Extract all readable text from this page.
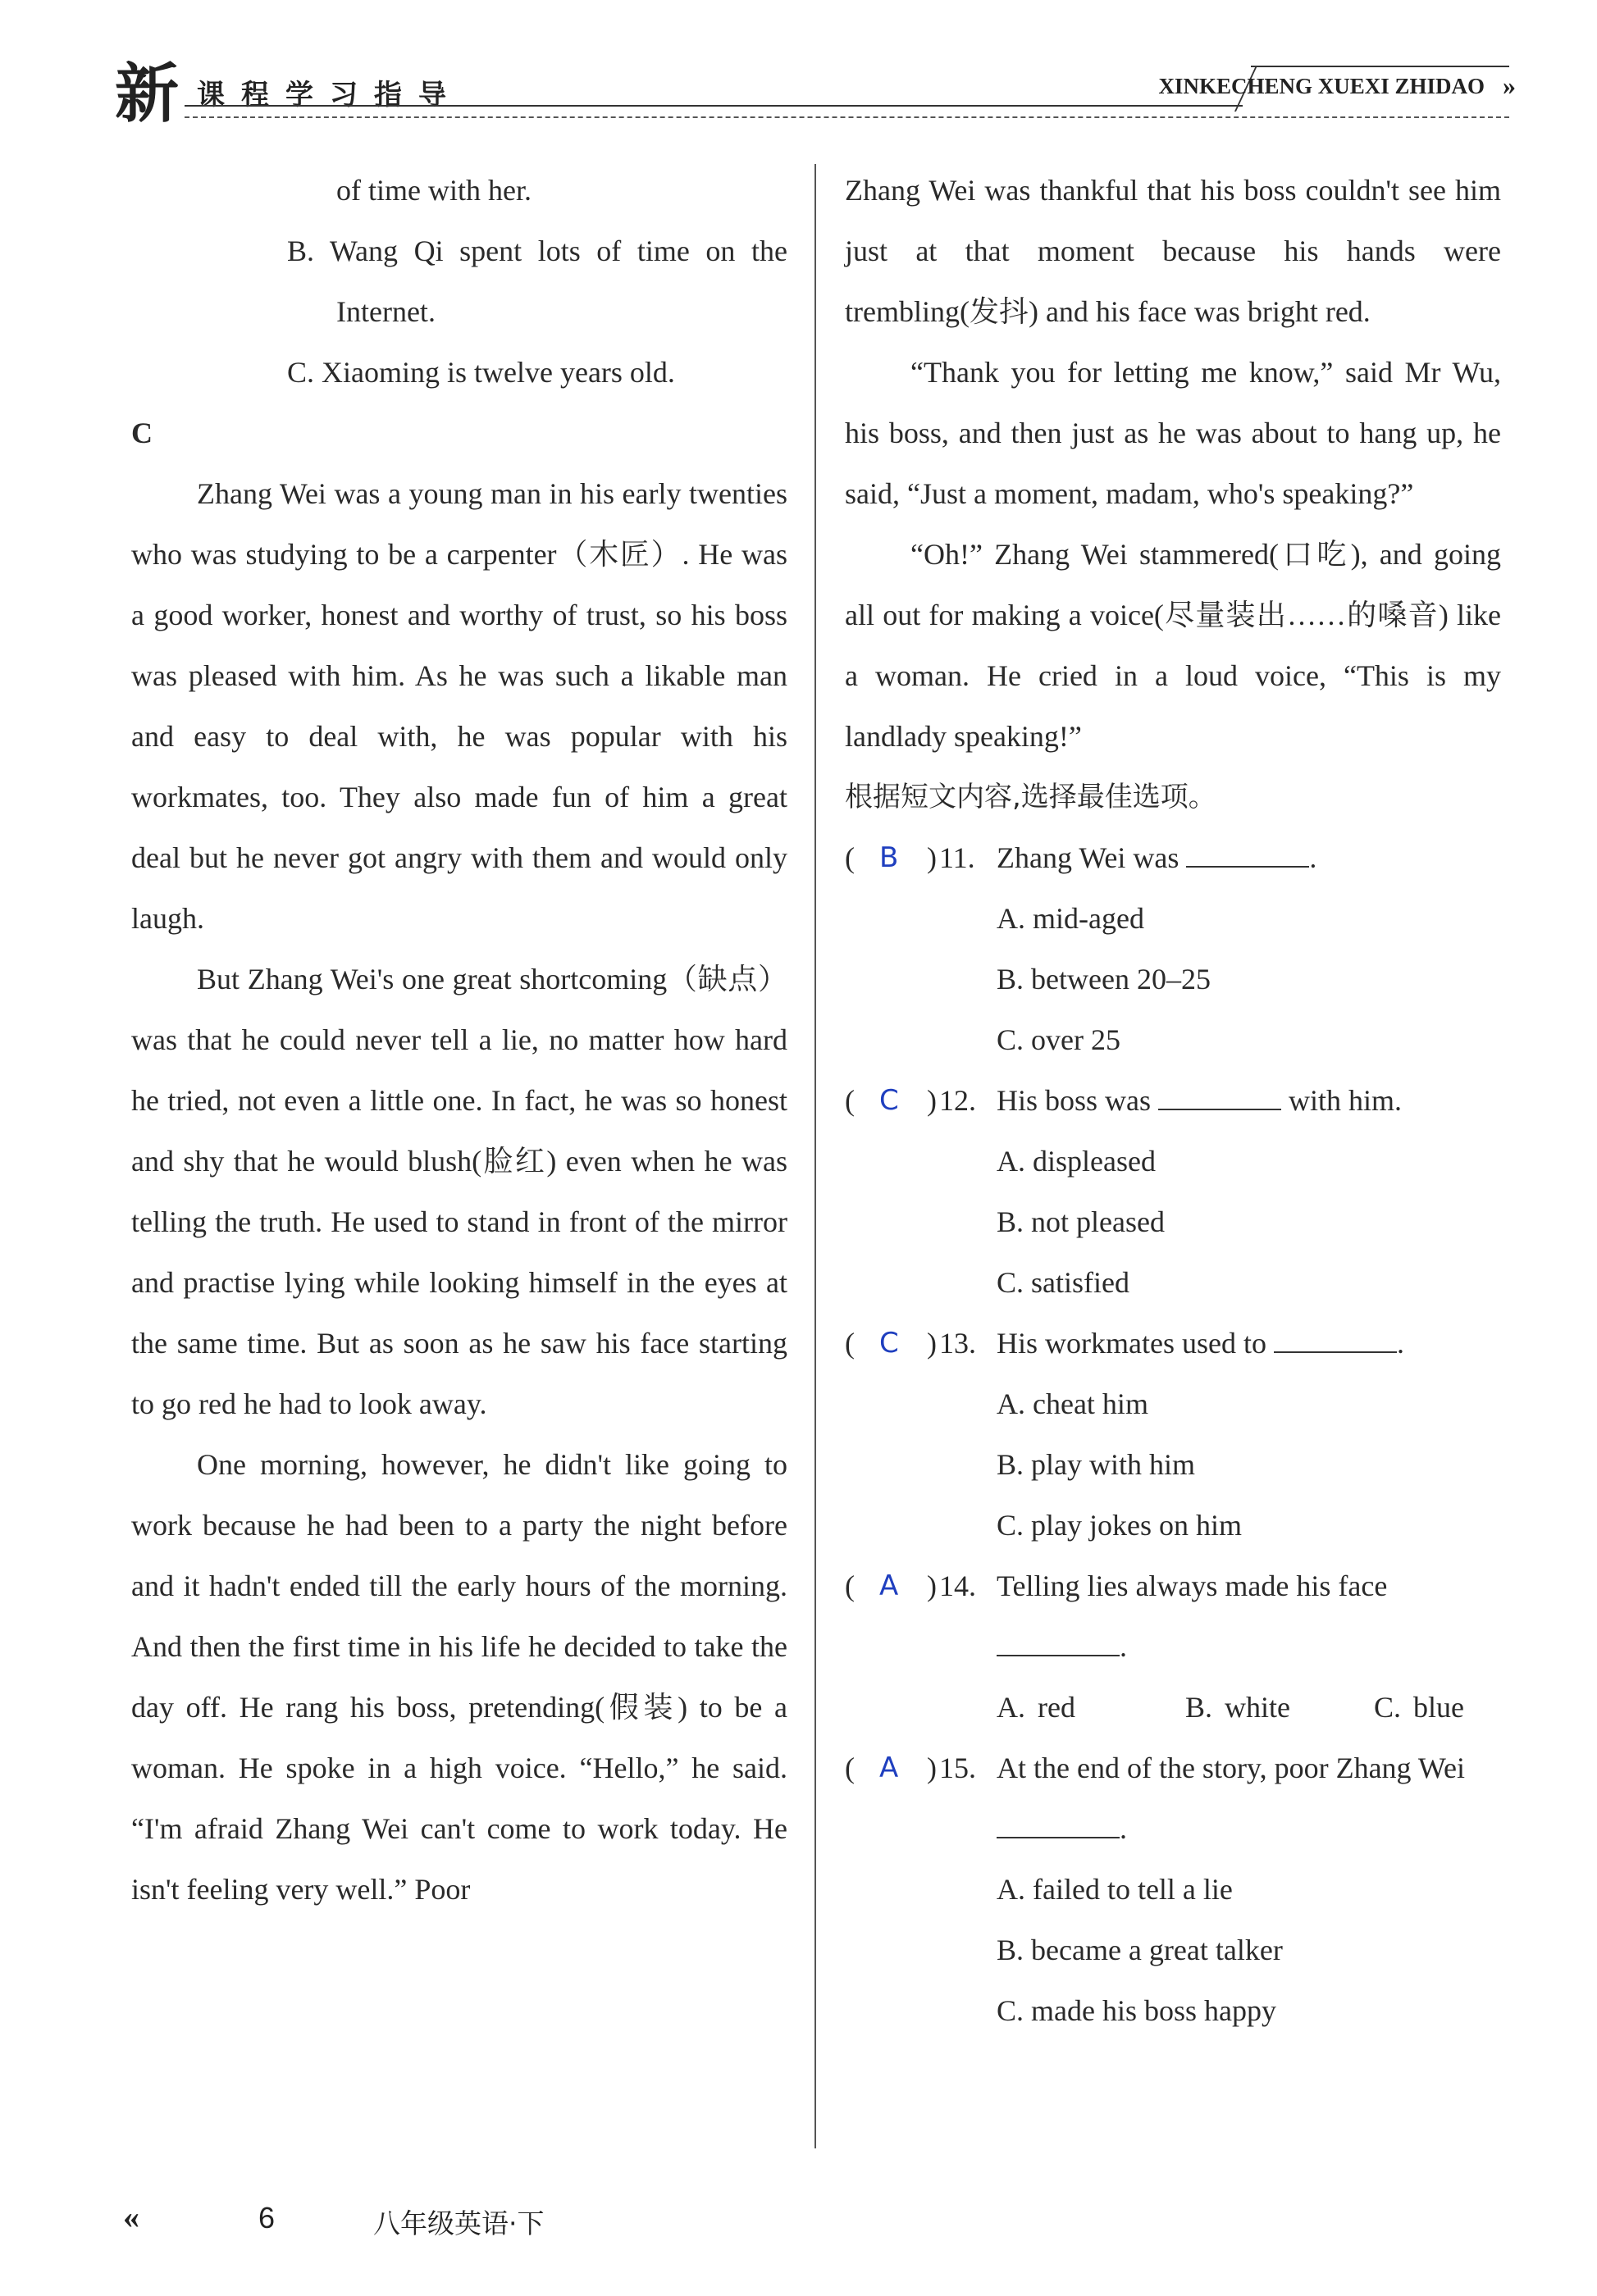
新 课程学习指导	XINKECHENG XUEXI ZHIDAO »

of time with her.

B. Wang Qi spent lots of time on the Internet.

C. Xiaoming is twelve years old.

C

Zhang Wei was a young man in his early twenties who was studying to be a carpenter（木匠）. He was a good worker, honest and worthy of trust, so his boss was pleased with him. As he was such a likable man and easy to deal with, he was popular with his workmates, too. They also made fun of him a great deal but he never got angry with them and would only laugh.

But Zhang Wei's one great shortcoming（缺点）was that he could never tell a lie, no matter how hard he tried, not even a little one. In fact, he was so honest and shy that he would blush(脸红) even when he was telling the truth. He used to stand in front of the mirror and practise lying while looking himself in the eyes at the same time. But as soon as he saw his face starting to go red he had to look away.

One morning, however, he didn't like going to work because he had been to a party the night before and it hadn't ended till the early hours of the morning. And then the first time in his life he decided to take the day off. He rang his boss, pretending(假装) to be a woman. He spoke in a high voice. “Hello,” he said. “I'm afraid Zhang Wei can't come to work today. He isn't feeling very well.” Poor

Zhang Wei was thankful that his boss couldn't see him just at that moment because his hands were trembling(发抖) and his face was bright red.

“Thank you for letting me know,” said Mr Wu, his boss, and then just as he was about to hang up, he said, “Just a moment, madam, who's speaking?”

“Oh!” Zhang Wei stammered(口吃), and going all out for making a voice(尽量装出……的嗓音) like a woman. He cried in a loud voice, “This is my landlady speaking!”

根据短文内容,选择最佳选项。

( B ) 11. Zhang Wei was	.

A. mid-aged

B. between 20–25

C. over 25

( C ) 12. His boss was	with him.

A. displeased

B. not pleased

C. satisfied

( C ) 13. His workmates used to	.

A. cheat him

B. play with him

C. play jokes on him

( A ) 14. Telling lies always made his face
.

A. red	B. white	C. blue

( A ) 15. At the end of the story, poor Zhang Wei .

A. failed to tell a lie

B. became a great talker

C. made his boss happy

«	6	八年级英语·下
